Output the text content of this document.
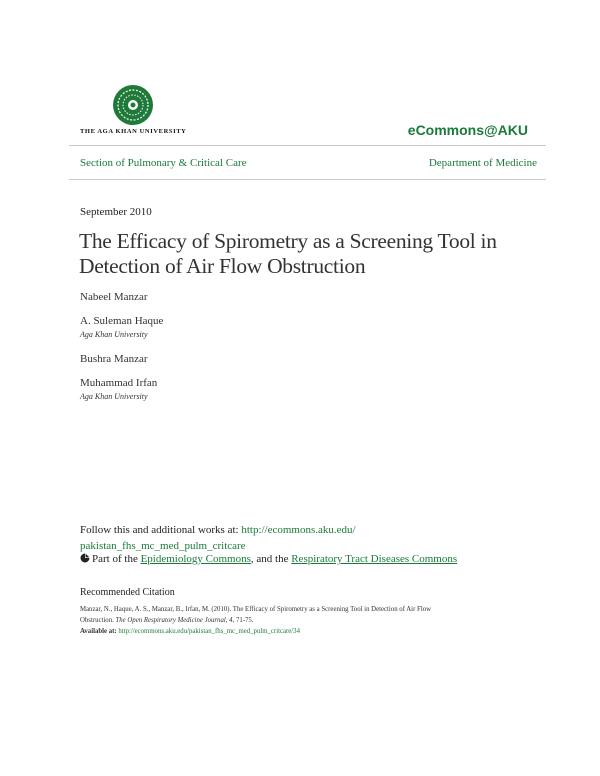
THE AGA KHAN UNIVERSITY	eCommons@AKU
Section of Pulmonary & Critical Care	Department of Medicine
September 2010
The Efficacy of Spirometry as a Screening Tool in Detection of Air Flow Obstruction
Nabeel Manzar
A. Suleman Haque
Aga Khan University
Bushra Manzar
Muhammad Irfan
Aga Khan University
Follow this and additional works at: http://ecommons.aku.edu/
pakistan_fhs_mc_med_pulm_critcare
Part of the Epidemiology Commons, and the Respiratory Tract Diseases Commons
Recommended Citation
Manzar, N., Haque, A. S., Manzar, B., Irfan, M. (2010). The Efficacy of Spirometry as a Screening Tool in Detection of Air Flow
Obstruction. The Open Respiratory Medicine Journal, 4, 71-75.
Available at: http://ecommons.aku.edu/pakistan_fhs_mc_med_pulm_critcare/34
